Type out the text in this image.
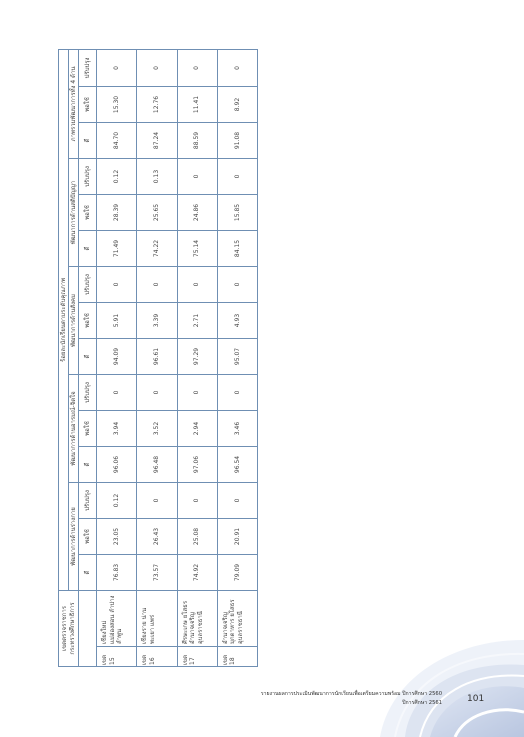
เขตตรวจราชการ
กระทรวงศึกษาธิการ		ร้อยละนักเรียนตามระดับคุณภาพ														
		พัฒนาการด้านร่างกาย			พัฒนาการด้านอารมณ์-จิตใจ			พัฒนาการด้านสังคม			พัฒนาการด้านสติปัญญา			ภาพรวมพัฒนาการทั้ง 4 ด้าน		
		ดี	พอใช้	ปรับปรุง	ดี	พอใช้	ปรับปรุง	ดี	พอใช้	ปรับปรุง	ดี	พอใช้	ปรับปรุง	ดี	พอใช้	ปรับปรุง
เขต 15	เชียงใหม่ แม่ฮ่องสอน ลำปาง ลำพูน	76.83	23.05	0.12	96.06	3.94	0	94.09	5.91	0	71.49	28.39	0.12	84.70	15.30	0
เขต 16	เชียงราย น่าน พะเยา แพร่	73.57	26.43	0	96.48	3.52	0	96.61	3.39	0	74.22	25.65	0.13	87.24	12.76	0
เขต 17	ศีรษะเกษ ยโสธร อำนาจเจริญ อุบลราชธานี	74.92	25.08	0	97.06	2.94	0	97.29	2.71	0	75.14	24.86	0	88.59	11.41	0
เขต 18	อำนาจเจริญ มุกดาหาร ยโสธร อุบลราชธานี	79.09	20.91	0	96.54	3.46	0	95.07	4.93	0	84.15	15.85	0	91.08	8.92	0
รายงานผลการประเมินพัฒนาการนักเรียนเพื่อเตรียมความพร้อม ปีการศึกษา 2560
ปีการศึกษา 2561	101
